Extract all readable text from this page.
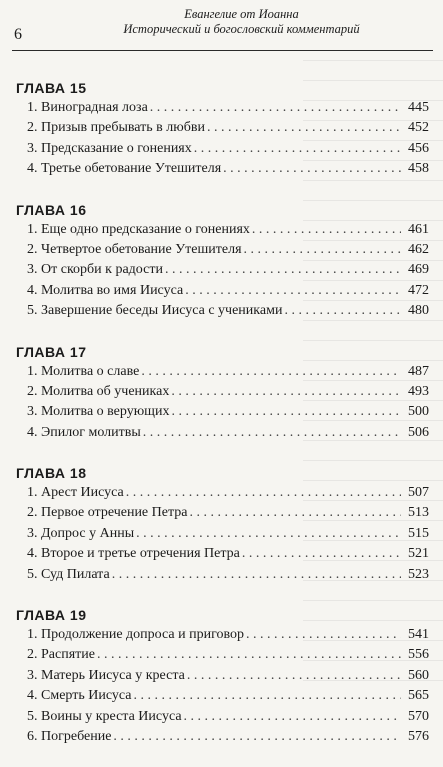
6
Евангелие от Иоанна
Исторический и богословский комментарий
ГЛАВА 15
1. Виноградная лоза . . .	445
2. Призыв пребывать в любви . . .	452
3. Предсказание о гонениях . . .	456
4. Третье обетование Утешителя . . .	458
ГЛАВА 16
1. Еще одно предсказание о гонениях . . .	461
2. Четвертое обетование Утешителя . . .	462
3. От скорби к радости . . .	469
4. Молитва во имя Иисуса . . .	472
5. Завершение беседы Иисуса с учениками . . .	480
ГЛАВА 17
1. Молитва о славе . . .	487
2. Молитва об учениках . . .	493
3. Молитва о верующих . . .	500
4. Эпилог молитвы . . .	506
ГЛАВА 18
1. Арест Иисуса . . .	507
2. Первое отречение Петра . . .	513
3. Допрос у Анны . . .	515
4. Второе и третье отречения Петра . . .	521
5. Суд Пилата . . .	523
ГЛАВА 19
1. Продолжение допроса и приговор . . .	541
2. Распятие . . .	556
3. Матерь Иисуса у креста . . .	560
4. Смерть Иисуса . . .	565
5. Воины у креста Иисуса . . .	570
6. Погребение . . .	576
